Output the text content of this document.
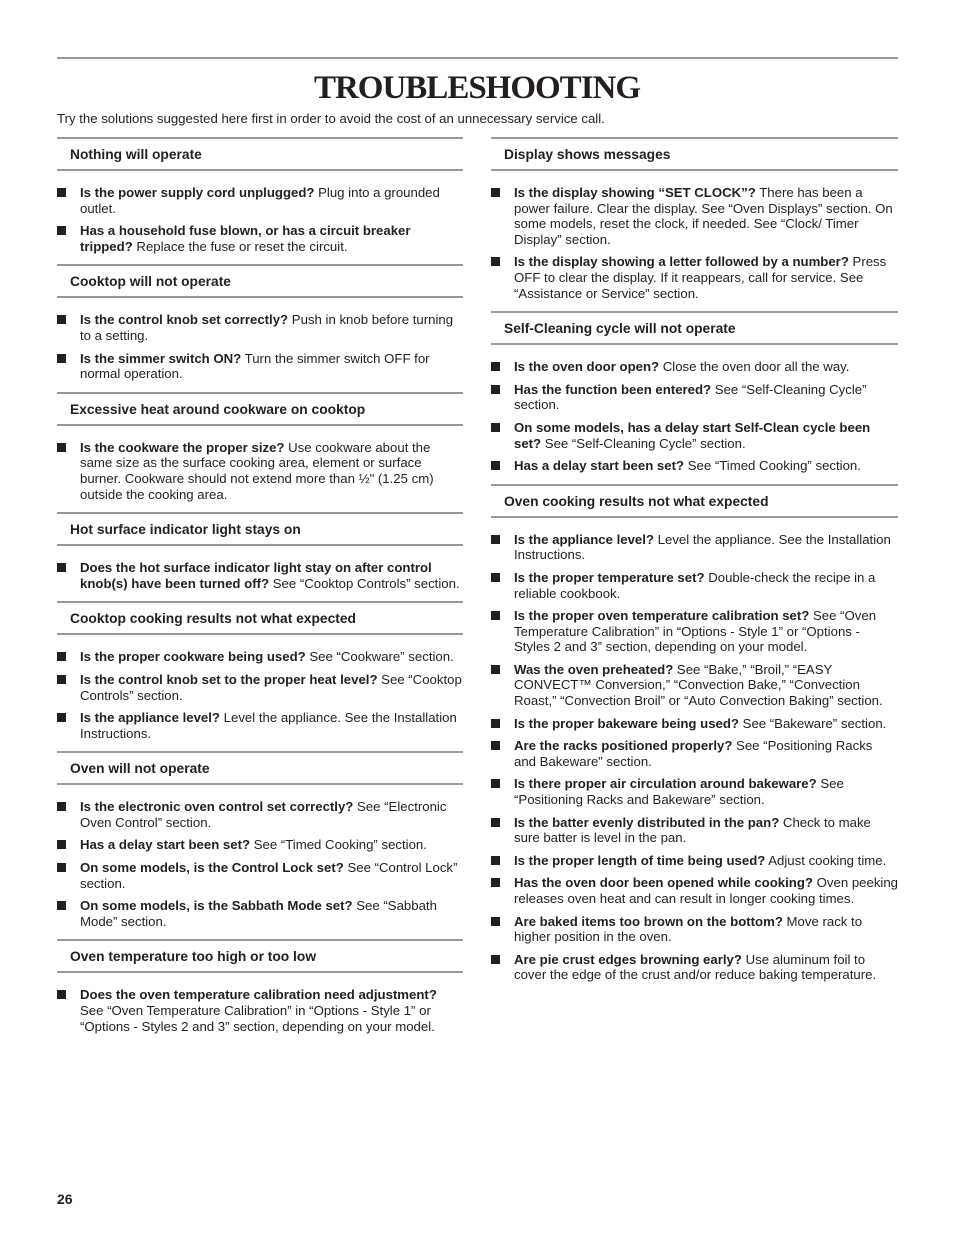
TROUBLESHOOTING

Try the solutions suggested here first in order to avoid the cost of an unnecessary service call.

Nothing will operate
Is the power supply cord unplugged? Plug into a grounded outlet.
Has a household fuse blown, or has a circuit breaker tripped? Replace the fuse or reset the circuit.
Cooktop will not operate
Is the control knob set correctly? Push in knob before turning to a setting.
Is the simmer switch ON? Turn the simmer switch OFF for normal operation.
Excessive heat around cookware on cooktop
Is the cookware the proper size? Use cookware about the same size as the surface cooking area, element or surface burner. Cookware should not extend more than ½" (1.25 cm) outside the cooking area.
Hot surface indicator light stays on
Does the hot surface indicator light stay on after control knob(s) have been turned off? See “Cooktop Controls” section.
Cooktop cooking results not what expected
Is the proper cookware being used? See “Cookware” section.
Is the control knob set to the proper heat level? See “Cooktop Controls” section.
Is the appliance level? Level the appliance. See the Installation Instructions.
Oven will not operate
Is the electronic oven control set correctly? See “Electronic Oven Control” section.
Has a delay start been set? See “Timed Cooking” section.
On some models, is the Control Lock set? See “Control Lock” section.
On some models, is the Sabbath Mode set? See “Sabbath Mode” section.
Oven temperature too high or too low
Does the oven temperature calibration need adjustment? See “Oven Temperature Calibration” in “Options - Style 1” or “Options - Styles 2 and 3” section, depending on your model.
Display shows messages
Is the display showing “SET CLOCK”? There has been a power failure. Clear the display. See “Oven Displays” section. On some models, reset the clock, if needed. See “Clock/ Timer Display” section.
Is the display showing a letter followed by a number? Press OFF to clear the display. If it reappears, call for service. See “Assistance or Service” section.
Self-Cleaning cycle will not operate
Is the oven door open? Close the oven door all the way.
Has the function been entered? See “Self-Cleaning Cycle” section.
On some models, has a delay start Self-Clean cycle been set? See “Self-Cleaning Cycle” section.
Has a delay start been set? See “Timed Cooking” section.
Oven cooking results not what expected
Is the appliance level? Level the appliance. See the Installation Instructions.
Is the proper temperature set? Double-check the recipe in a reliable cookbook.
Is the proper oven temperature calibration set? See “Oven Temperature Calibration” in “Options - Style 1” or “Options - Styles 2 and 3” section, depending on your model.
Was the oven preheated? See “Bake,” “Broil,” “EASY CONVECT™ Conversion,” “Convection Bake,” “Convection Roast,” “Convection Broil” or “Auto Convection Baking” section.
Is the proper bakeware being used? See “Bakeware” section.
Are the racks positioned properly? See “Positioning Racks and Bakeware” section.
Is there proper air circulation around bakeware? See “Positioning Racks and Bakeware” section.
Is the batter evenly distributed in the pan? Check to make sure batter is level in the pan.
Is the proper length of time being used? Adjust cooking time.
Has the oven door been opened while cooking? Oven peeking releases oven heat and can result in longer cooking times.
Are baked items too brown on the bottom? Move rack to higher position in the oven.
Are pie crust edges browning early? Use aluminum foil to cover the edge of the crust and/or reduce baking temperature.
26
